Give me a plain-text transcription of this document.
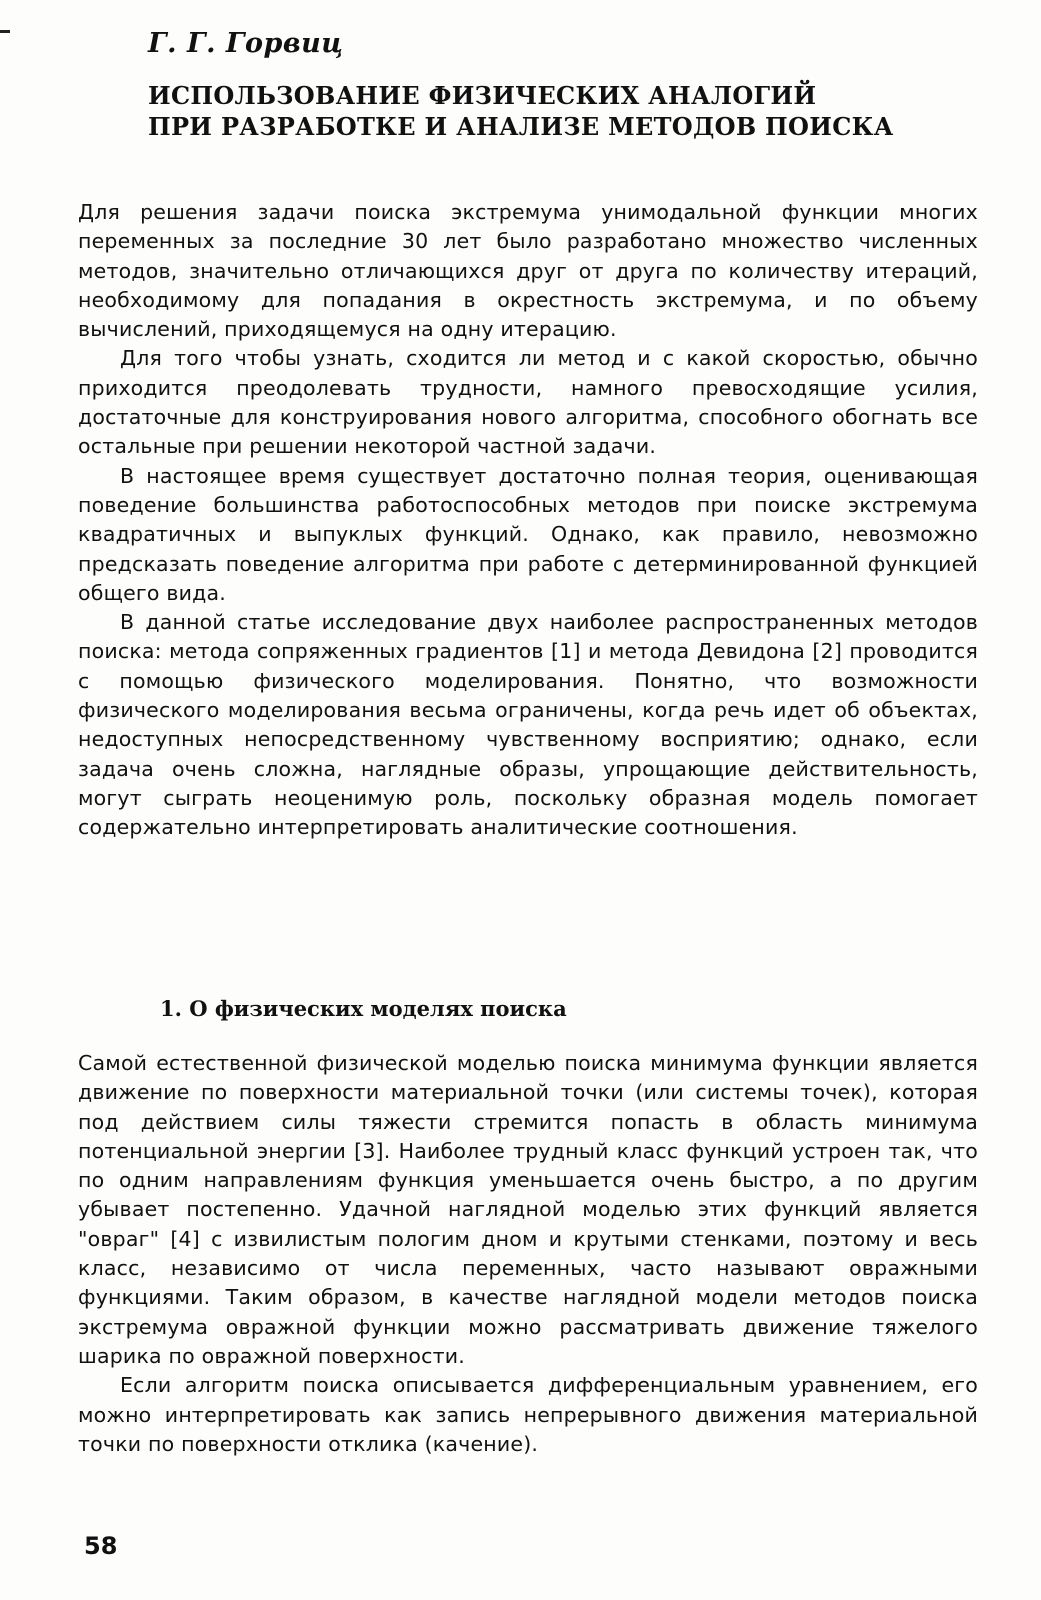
Г. Г. Горвиц
ИСПОЛЬЗОВАНИЕ ФИЗИЧЕСКИХ АНАЛОГИЙ
ПРИ РАЗРАБОТКЕ И АНАЛИЗЕ МЕТОДОВ ПОИСКА

Для решения задачи поиска экстремума унимодальной функции многих переменных за последние 30 лет было разработано множество численных методов, значительно отличающихся друг от друга по количеству итераций, необходимому для попадания в окрестность экстремума, и по объему вычислений, приходящемуся на одну итерацию.

Для того чтобы узнать, сходится ли метод и с какой скоростью, обычно приходится преодолевать трудности, намного превосходящие усилия, достаточные для конструирования нового алгоритма, способного обогнать все остальные при решении некоторой частной задачи.

В настоящее время существует достаточно полная теория, оценивающая поведение большинства работоспособных методов при поиске экстремума квадратичных и выпуклых функций. Однако, как правило, невозможно предсказать поведение алгоритма при работе с детерминированной функцией общего вида.

В данной статье исследование двух наиболее распространенных методов поиска: метода сопряженных градиентов [1] и метода Девидона [2] проводится с помощью физического моделирования. Понятно, что возможности физического моделирования весьма ограничены, когда речь идет об объектах, недоступных непосредственному чувственному восприятию; однако, если задача очень сложна, наглядные образы, упрощающие действительность, могут сыграть неоценимую роль, поскольку образная модель помогает содержательно интерпретировать аналитические соотношения.

1. О физических моделях поиска

Самой естественной физической моделью поиска минимума функции является движение по поверхности материальной точки (или системы точек), которая под действием силы тяжести стремится попасть в область минимума потенциальной энергии [3]. Наиболее трудный класс функций устроен так, что по одним направлениям функция уменьшается очень быстро, а по другим убывает постепенно. Удачной наглядной моделью этих функций является "овраг" [4] с извилистым пологим дном и крутыми стенками, поэтому и весь класс, независимо от числа переменных, часто называют овражными функциями. Таким образом, в качестве наглядной модели методов поиска экстремума овражной функции можно рассматривать движение тяжелого шарика по овражной поверхности.

Если алгоритм поиска описывается дифференциальным уравнением, его можно интерпретировать как запись непрерывного движения материальной точки по поверхности отклика (качение).

58
